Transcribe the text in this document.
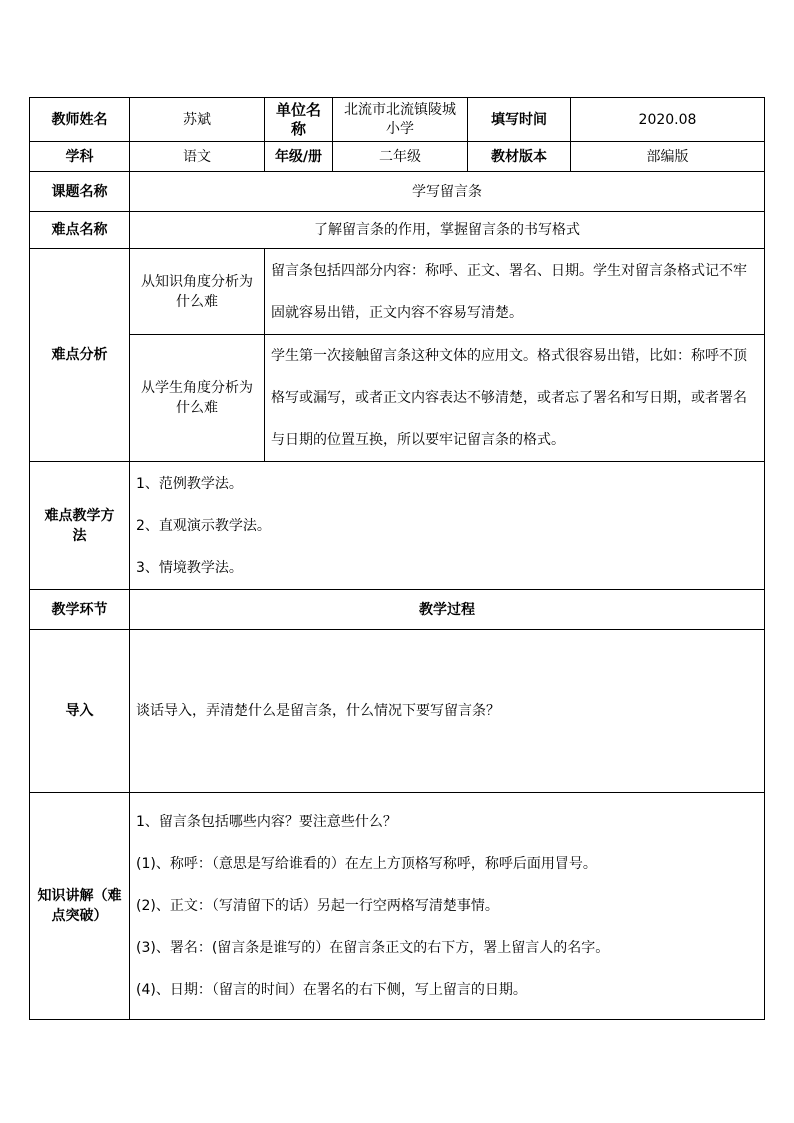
教师姓名	苏斌	单位名称	北流市北流镇陵城小学	填写时间	2020.08
学科	语文	年级/册	二年级	教材版本	部编版
课题名称	学写留言条				
难点名称	了解留言条的作用，掌握留言条的书写格式				
难点分析	从知识角度分析为什么难	留言条包括四部分内容：称呼、正文、署名、日期。学生对留言条格式记不牢固就容易出错，正文内容不容易写清楚。			
	从学生角度分析为什么难	学生第一次接触留言条这种文体的应用文。格式很容易出错，比如：称呼不顶格写或漏写，或者正文内容表达不够清楚，或者忘了署名和写日期，或者署名与日期的位置互换，所以要牢记留言条的格式。			
难点教学方法	1、范例教学法。

2、直观演示教学法。

3、情境教学法。				

教学环节	教学过程				
导入	谈话导入，弄清楚什么是留言条，什么情况下要写留言条？				
知识讲解（难点突破）	1、留言条包括哪些内容？要注意些什么？

(1)、称呼：（意思是写给谁看的）在左上方顶格写称呼，称呼后面用冒号。

(2)、正文：（写清留下的话）另起一行空两格写清楚事情。

(3)、署名：(留言条是谁写的）在留言条正文的右下方，署上留言人的名字。

(4)、日期：（留言的时间）在署名的右下侧，写上留言的日期。				
